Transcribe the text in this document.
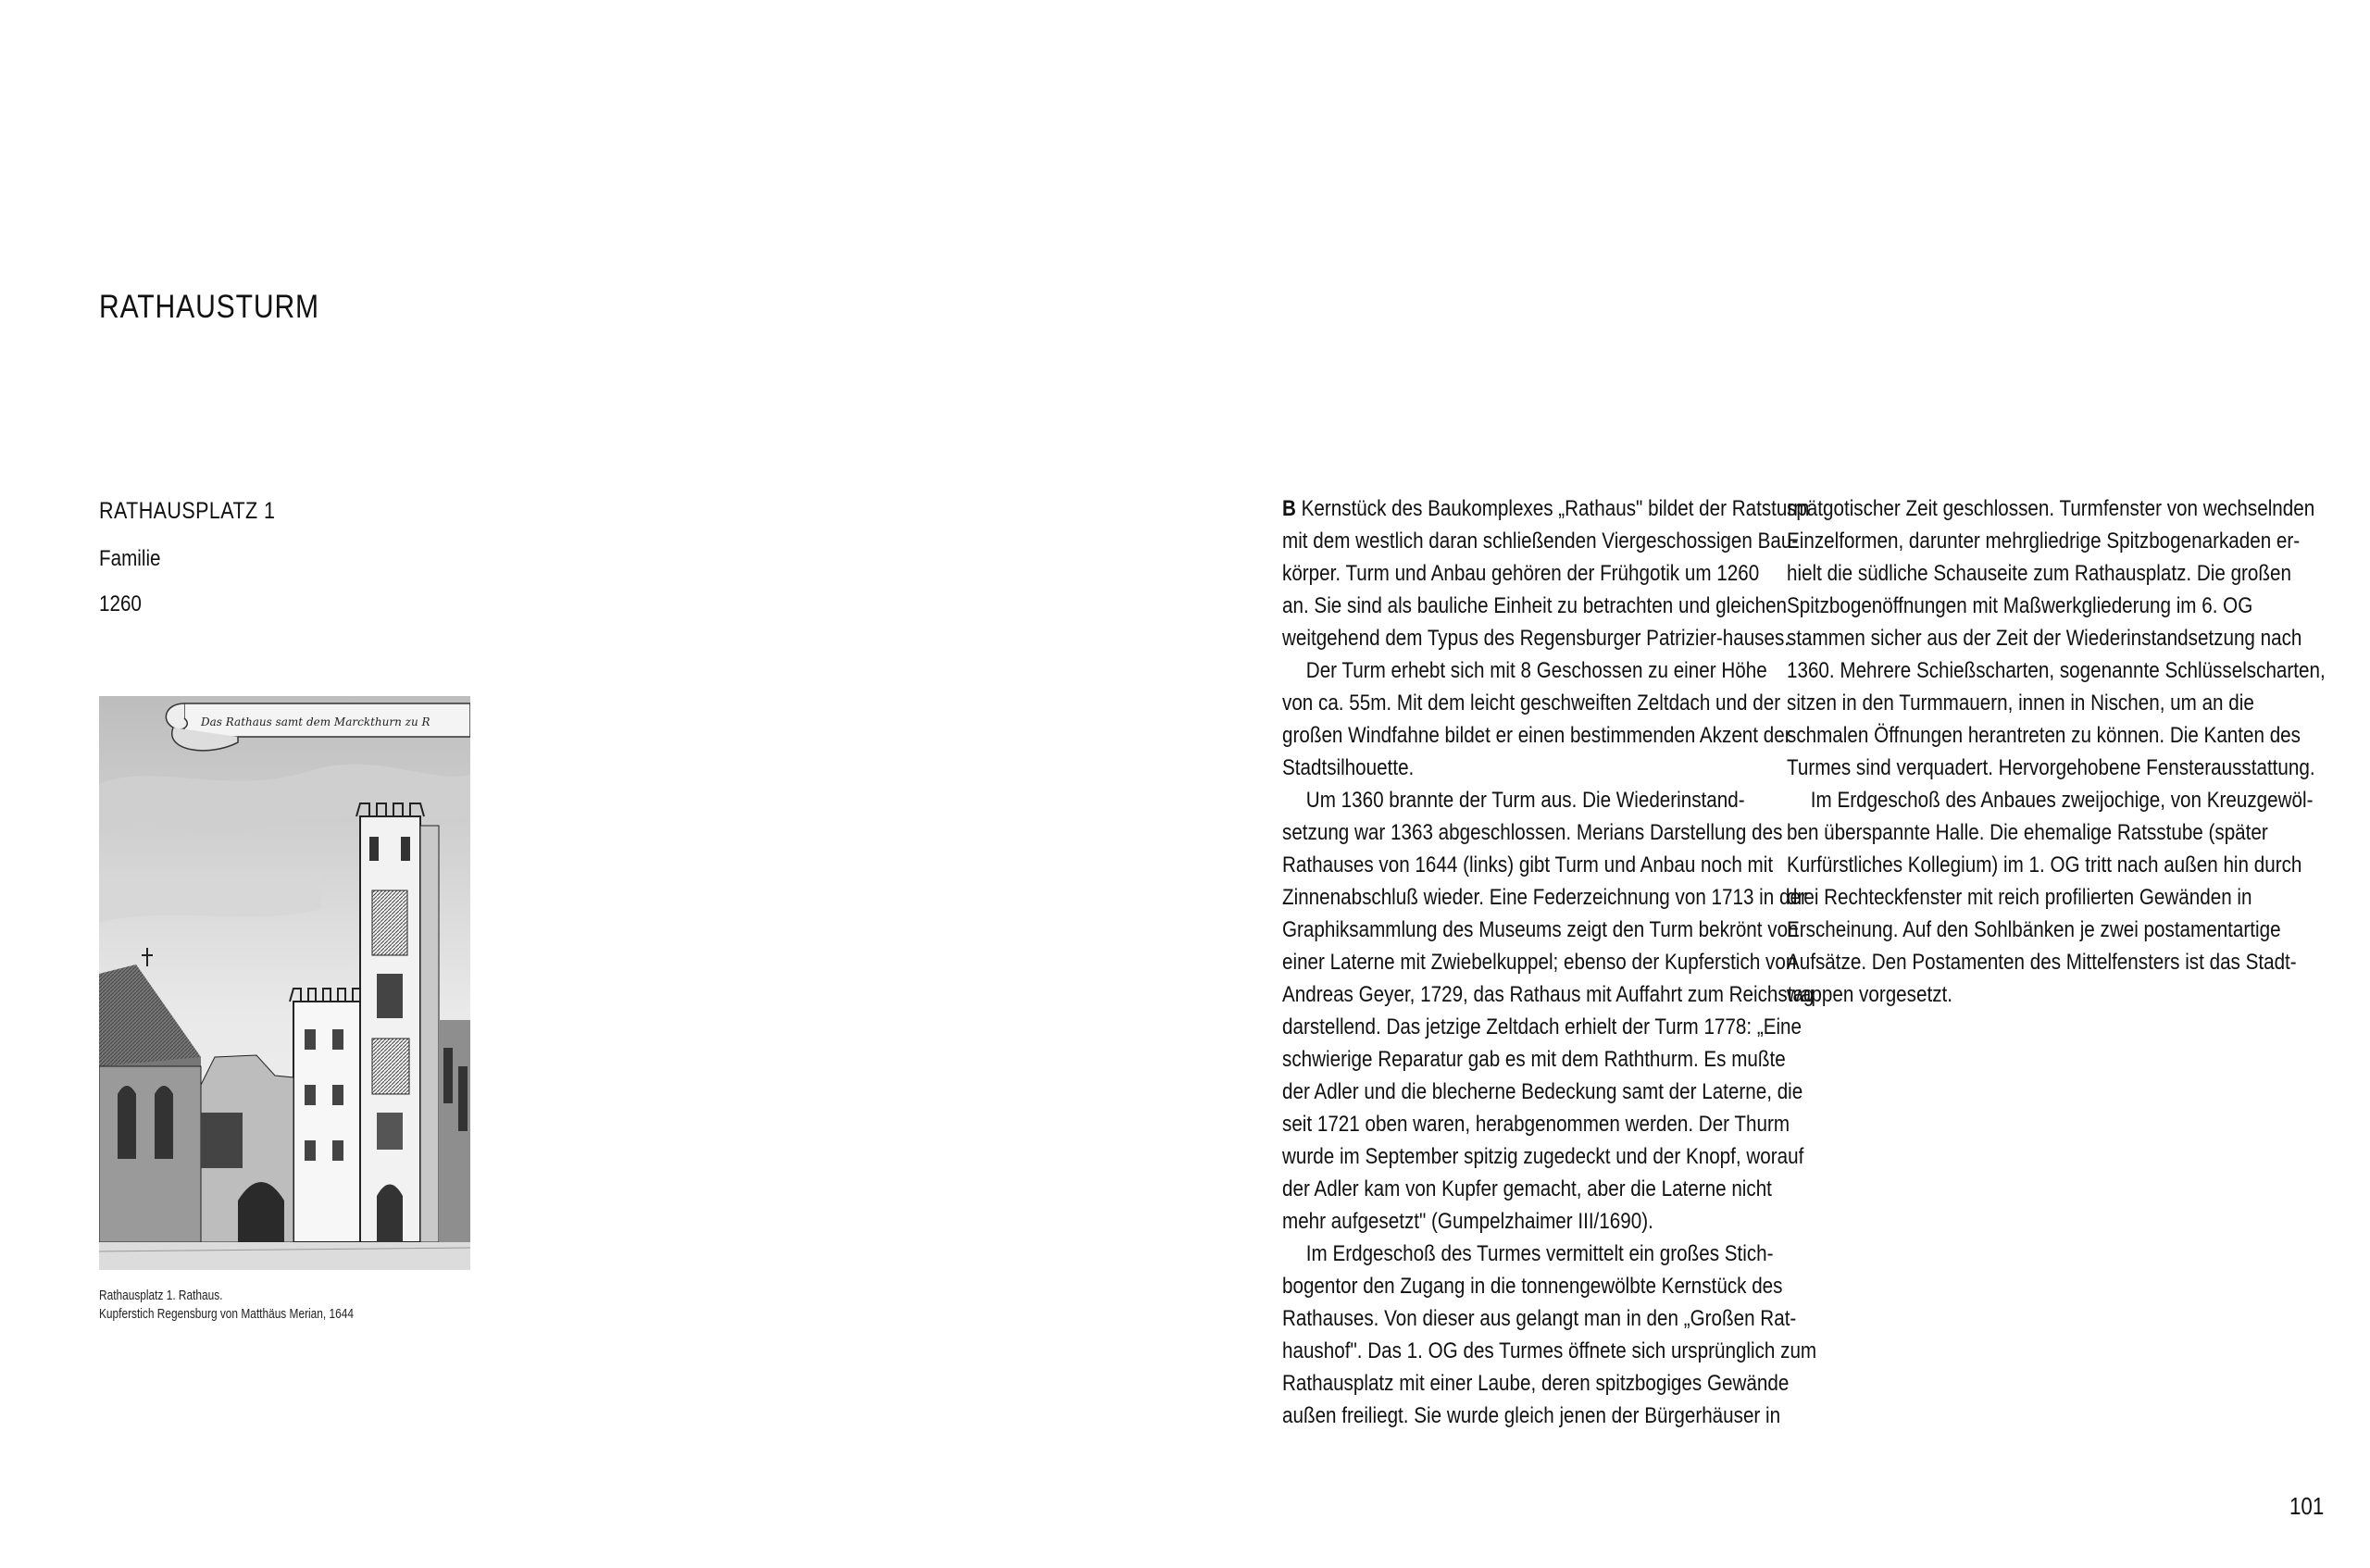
RATHAUSTURM
RATHAUSPLATZ 1
Familie
1260
Das Rathaus samt dem Marckthurn zu R
Rathausplatz 1. Rathaus.
Kupferstich Regensburg von Matthäus Merian, 1644
B Kernstück des Baukomplexes „Rathaus" bildet der Ratsturm
mit dem westlich daran schließenden Viergeschossigen Bau-
körper. Turm und Anbau gehören der Frühgotik um 1260
an. Sie sind als bauliche Einheit zu betrachten und gleichen
weitgehend dem Typus des Regensburger Patrizier-hauses.
Der Turm erhebt sich mit 8 Geschossen zu einer Höhe
von ca. 55m. Mit dem leicht geschweiften Zeltdach und der
großen Windfahne bildet er einen bestimmenden Akzent der
Stadtsilhouette.
Um 1360 brannte der Turm aus. Die Wiederinstand-
setzung war 1363 abgeschlossen. Merians Darstellung des
Rathauses von 1644 (links) gibt Turm und Anbau noch mit
Zinnenabschluß wieder. Eine Federzeichnung von 1713 in der
Graphiksammlung des Museums zeigt den Turm bekrönt von
einer Laterne mit Zwiebelkuppel; ebenso der Kupferstich von
Andreas Geyer, 1729, das Rathaus mit Auffahrt zum Reichstag
darstellend. Das jetzige Zeltdach erhielt der Turm 1778: „Eine
schwierige Reparatur gab es mit dem Raththurm. Es mußte
der Adler und die blecherne Bedeckung samt der Laterne, die
seit 1721 oben waren, herabgenommen werden. Der Thurm
wurde im September spitzig zugedeckt und der Knopf, worauf
der Adler kam von Kupfer gemacht, aber die Laterne nicht
mehr aufgesetzt" (Gumpelzhaimer III/1690).
Im Erdgeschoß des Turmes vermittelt ein großes Stich-
bogentor den Zugang in die tonnengewölbte Kernstück des
Rathauses. Von dieser aus gelangt man in den „Großen Rat-
haushof". Das 1. OG des Turmes öffnete sich ursprünglich zum
Rathausplatz mit einer Laube, deren spitzbogiges Gewände
außen freiliegt. Sie wurde gleich jenen der Bürgerhäuser in
spätgotischer Zeit geschlossen. Turmfenster von wechselnden
Einzelformen, darunter mehrgliedrige Spitzbogenarkaden er-
hielt die südliche Schauseite zum Rathausplatz. Die großen
Spitzbogenöffnungen mit Maßwerkgliederung im 6. OG
stammen sicher aus der Zeit der Wiederinstandsetzung nach
1360. Mehrere Schießscharten, sogenannte Schlüsselscharten,
sitzen in den Turmmauern, innen in Nischen, um an die
schmalen Öffnungen herantreten zu können. Die Kanten des
Turmes sind verquadert. Hervorgehobene Fensterausstattung.
Im Erdgeschoß des Anbaues zweijochige, von Kreuzgewöl-
ben überspannte Halle. Die ehemalige Ratsstube (später
Kurfürstliches Kollegium) im 1. OG tritt nach außen hin durch
drei Rechteckfenster mit reich profilierten Gewänden in
Erscheinung. Auf den Sohlbänken je zwei postamentartige
Aufsätze. Den Postamenten des Mittelfensters ist das Stadt-
wappen vorgesetzt.
101
